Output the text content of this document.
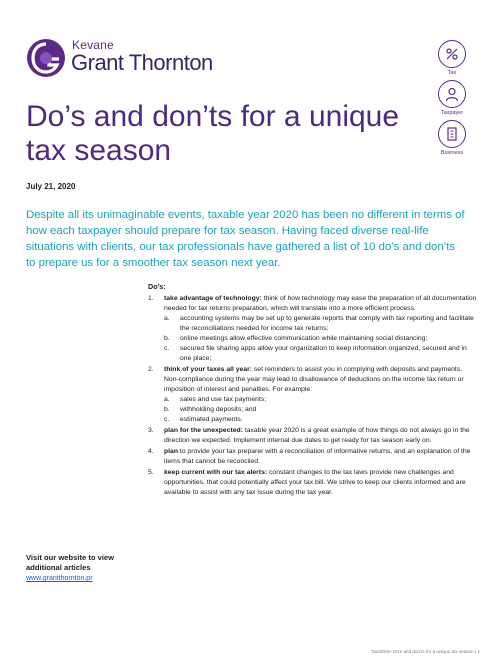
Kevane
Grant Thornton	Tax
Taxpayer
Business
Do’s and don’ts for a unique tax season
July 21, 2020

Despite all its unimaginable events, taxable year 2020 has been no different in terms of how each taxpayer should prepare for tax season. Having faced diverse real-life situations with clients, our tax professionals have gathered a list of 10 do’s and don’ts to prepare us for a smoother tax season next year.

Do’s:
1. take advantage of technology: think of how technology may ease the preparation of all documentation needed for tax returns preparation, which will translate into a more efficient process.
a. accounting systems may be set up to generate reports that comply with tax reporting and facilitate the reconciliations needed for income tax returns;
b. online meetings allow effective communication while maintaining social distancing;
c. secured file sharing apps allow your organization to keep information organized, secured and in one place;
2. think of your taxes all year: set reminders to assist you in complying with deposits and payments. Non-compliance during the year may lead to disallowance of deductions on the income tax return or imposition of interest and penalties. For example:
a. sales and use tax payments;
b. withholding deposits; and
c. estimated payments.
3. plan for the unexpected: taxable year 2020 is a great example of how things do not always go in the direction we expected. Implement internal due dates to get ready for tax season early on.
4. plan to provide your tax preparer with a reconciliation of informative returns, and an explanation of the items that cannot be reconciled.
5. keep current with our tax alerts: constant changes to the tax laws provide new challenges and opportunities, that could potentially affect your tax bill. We strive to keep our clients informed and are available to assist with any tax issue during the tax year.
Visit our website to view additional articles
www.grantthornton.pr
Taxarticle: Do’s and don’ts for a unique tax season | 1
